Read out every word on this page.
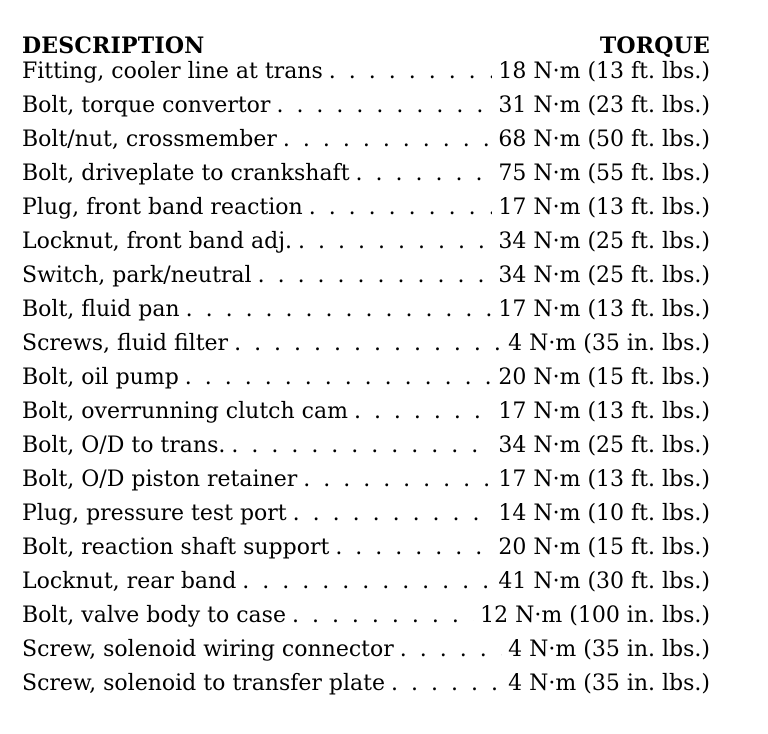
DESCRIPTION	TORQUE
Fitting, cooler line at trans . . .	18 N·m (13 ft. lbs.)
Bolt, torque convertor . . .	31 N·m (23 ft. lbs.)
Bolt/nut, crossmember . . .	68 N·m (50 ft. lbs.)
Bolt, driveplate to crankshaft . . .	75 N·m (55 ft. lbs.)
Plug, front band reaction . . .	17 N·m (13 ft. lbs.)
Locknut, front band adj. . . .	34 N·m (25 ft. lbs.)
Switch, park/neutral . . .	34 N·m (25 ft. lbs.)
Bolt, fluid pan . . .	17 N·m (13 ft. lbs.)
Screws, fluid filter . . .	4 N·m (35 in. lbs.)
Bolt, oil pump . . .	20 N·m (15 ft. lbs.)
Bolt, overrunning clutch cam . . .	17 N·m (13 ft. lbs.)
Bolt, O/D to trans. . . .	34 N·m (25 ft. lbs.)
Bolt, O/D piston retainer . . .	17 N·m (13 ft. lbs.)
Plug, pressure test port . . .	14 N·m (10 ft. lbs.)
Bolt, reaction shaft support . . .	20 N·m (15 ft. lbs.)
Locknut, rear band . . .	41 N·m (30 ft. lbs.)
Bolt, valve body to case . . .	12 N·m (100 in. lbs.)
Screw, solenoid wiring connector . . .	4 N·m (35 in. lbs.)
Screw, solenoid to transfer plate . . .	4 N·m (35 in. lbs.)
